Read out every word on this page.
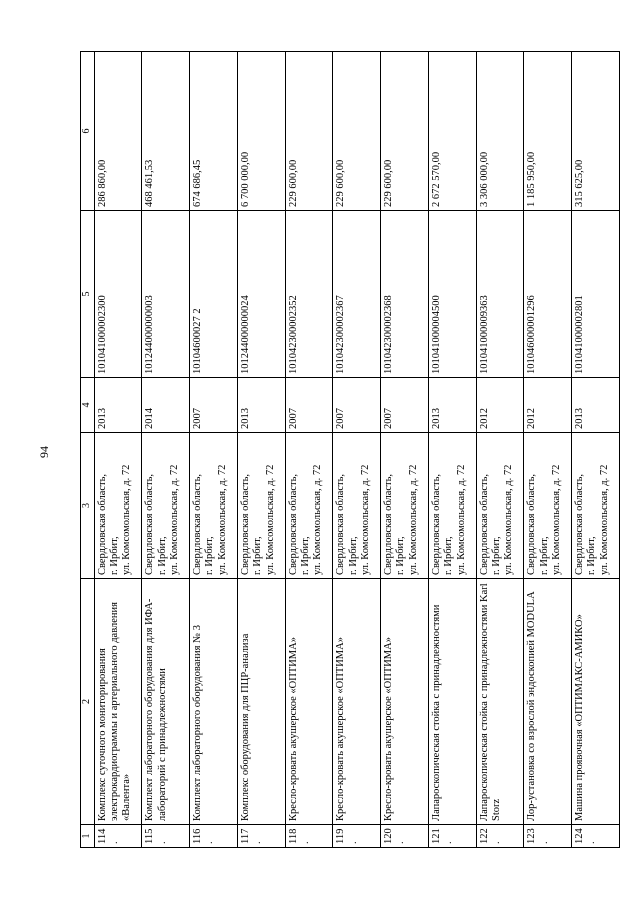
94
1	2	3	4	5	6
114.	Комплекс суточного мониторирования электрокардиограммы и артериального давления «Валента»	Свердловская область, г. Ирбит, ул. Комсомольская, д. 72	2013	101041000002300	286 860,00
115.	Комплект лабораторного оборудования для ИФА-лабораторий с принадлежностями	Свердловская область, г. Ирбит, ул. Комсомольская, д. 72	2014	101244000000003	468 461,53
116.	Комплект лабораторного оборудования № 3	Свердловская область, г. Ирбит, ул. Комсомольская, д. 72	2007	10104600027 2	674 686,45
117.	Комплекс оборудования для ПЦР-анализа	Свердловская область, г. Ирбит, ул. Комсомольская, д. 72	2013	101244000000024	6 700 000,00
118.	Кресло-кровать акушерское «ОПТИМА»	Свердловская область, г. Ирбит, ул. Комсомольская, д. 72	2007	101042300002352	229 600,00
119.	Кресло-кровать акушерское «ОПТИМА»	Свердловская область, г. Ирбит, ул. Комсомольская, д. 72	2007	101042300002367	229 600,00
120.	Кресло-кровать акушерское «ОПТИМА»	Свердловская область, г. Ирбит, ул. Комсомольская, д. 72	2007	101042300002368	229 600,00
121.	Лапароскопическая стойка с принадлежностями	Свердловская область, г. Ирбит, ул. Комсомольская, д. 72	2013	101041000004500	2 672 570,00
122.	Лапароскопическая стойка с принадлежностями Karl Storz	Свердловская область, г. Ирбит, ул. Комсомольская, д. 72	2012	101041000009363	3 306 000,00
123.	Лор-установка со взрослой эндоскопией MODULA	Свердловская область, г. Ирбит, ул. Комсомольская, д. 72	2012	101046000001296	1 185 950,00
124.	Машина проявочная «ОПТИМАКС-АМИКО»	Свердловская область, г. Ирбит, ул. Комсомольская, д. 72	2013	101041000002801	315 625,00
